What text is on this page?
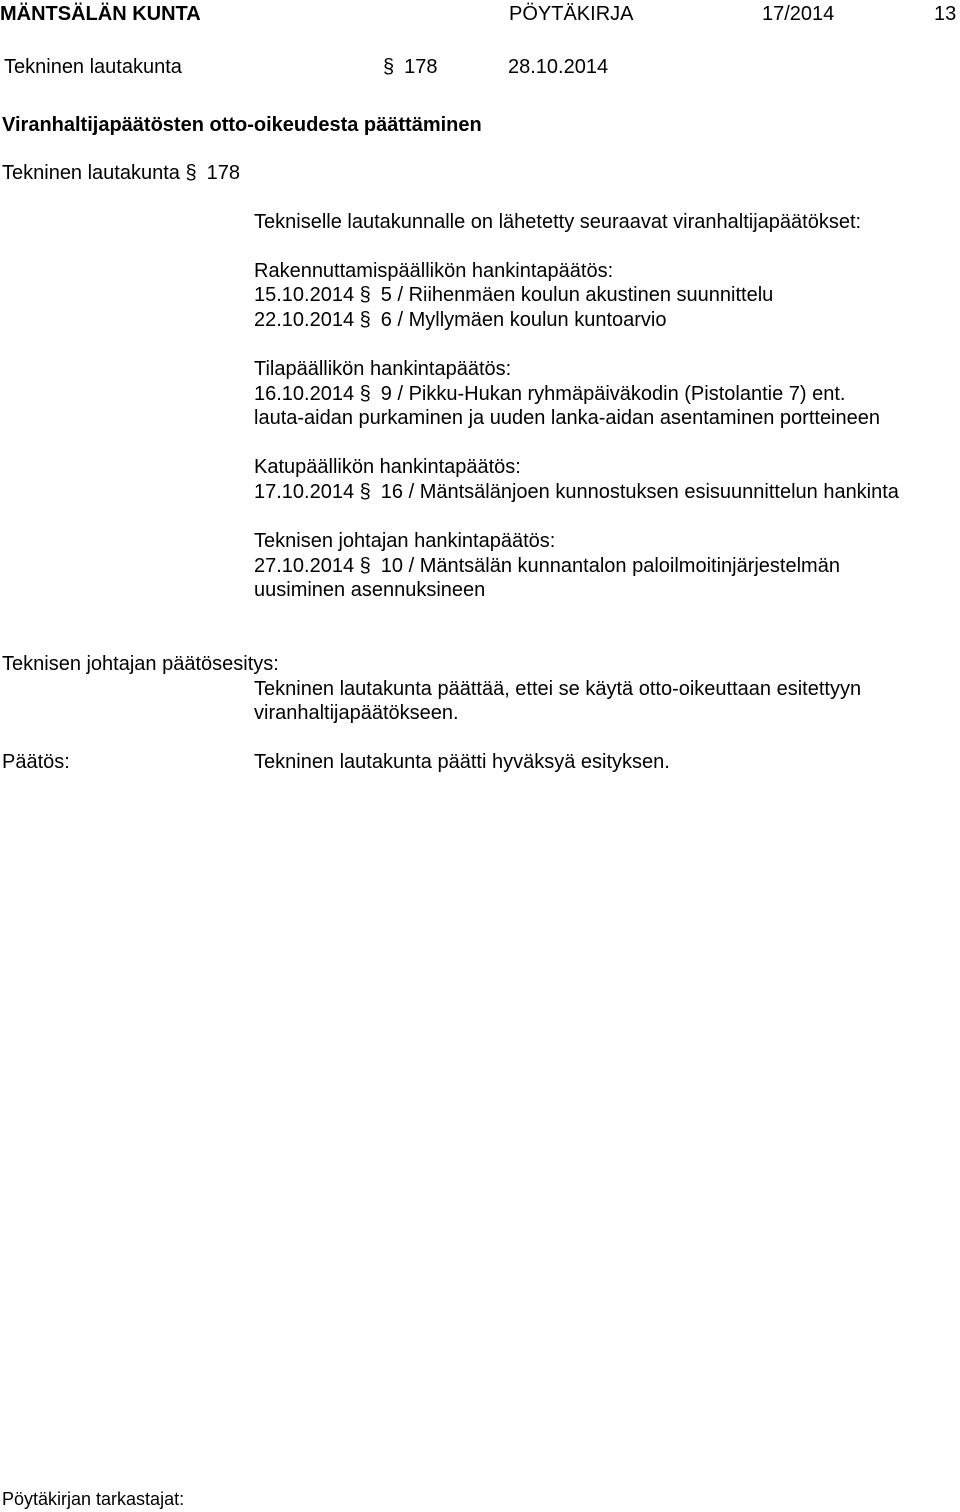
MÄNTSÄLÄN KUNTA	PÖYTÄKIRJA	17/2014	13
Tekninen lautakunta	§ 178	28.10.2014
Viranhaltijapäätösten otto-oikeudesta päättäminen
Tekninen lautakunta § 178
Tekniselle lautakunnalle on lähetetty seuraavat viranhaltijapäätökset:
Rakennuttamispäällikön hankintapäätös:
15.10.2014 § 5 / Riihenmäen koulun akustinen suunnittelu
22.10.2014 § 6 / Myllymäen koulun kuntoarvio
Tilapäällikön hankintapäätös:
16.10.2014 § 9 / Pikku-Hukan ryhmäpäiväkodin (Pistolantie 7) ent.
lauta-aidan purkaminen ja uuden lanka-aidan asentaminen portteineen
Katupäällikön hankintapäätös:
17.10.2014 § 16 / Mäntsälänjoen kunnostuksen esisuunnittelun hankinta
Teknisen johtajan hankintapäätös:
27.10.2014 § 10 / Mäntsälän kunnantalon paloilmoitinjärjestelmän
uusiminen asennuksineen
Teknisen johtajan päätösesitys:
Tekninen lautakunta päättää, ettei se käytä otto-oikeuttaan esitettyyn
viranhaltijapäätökseen.
Päätös:	Tekninen lautakunta päätti hyväksyä esityksen.
Pöytäkirjan tarkastajat:
